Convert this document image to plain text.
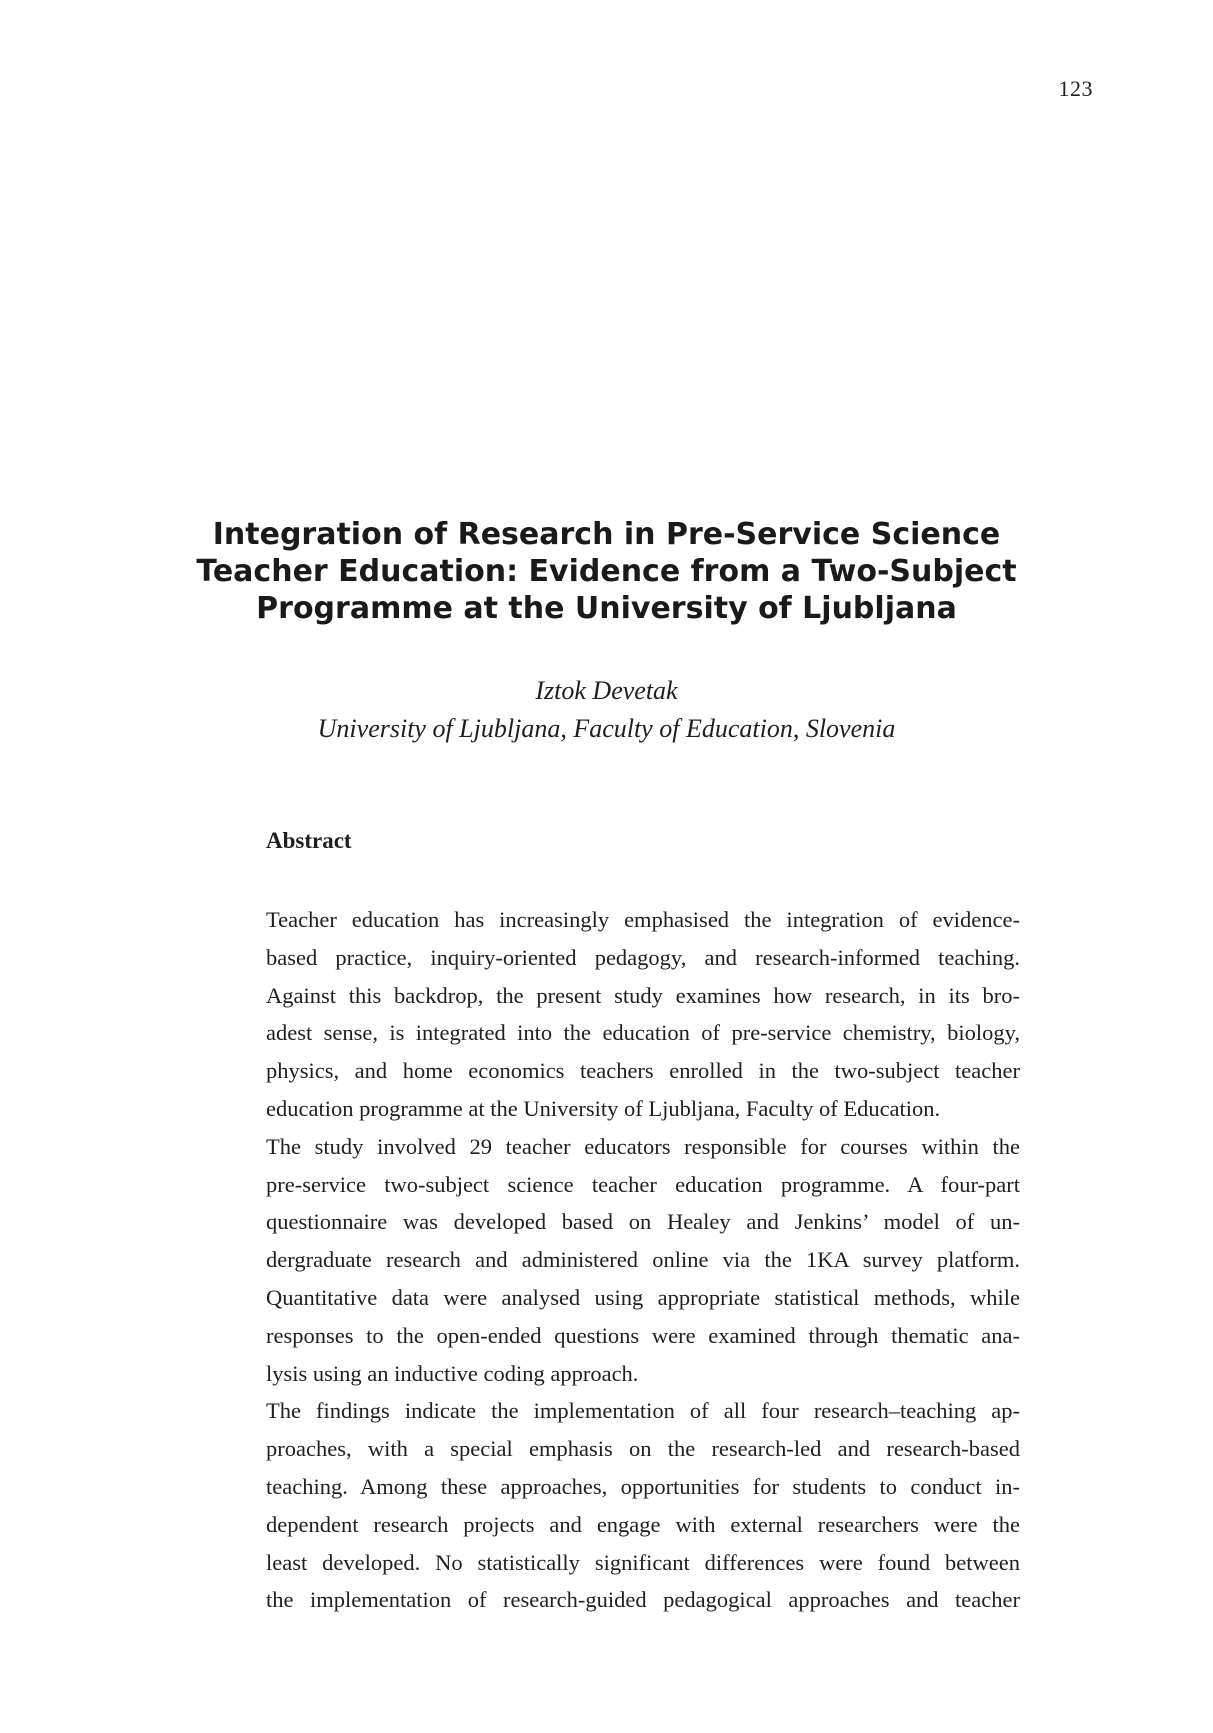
123
Integration of Research in Pre-Service Science
Teacher Education: Evidence from a Two-Subject
Programme at the University of Ljubljana
Iztok Devetak
University of Ljubljana, Faculty of Education, Slovenia
Abstract
Teacher education has increasingly emphasised the integration of evidence-
based practice, inquiry-oriented pedagogy, and research-informed teaching.
Against this backdrop, the present study examines how research, in its bro-
adest sense, is integrated into the education of pre-service chemistry, biology,
physics, and home economics teachers enrolled in the two-subject teacher
education programme at the University of Ljubljana, Faculty of Education.
The study involved 29 teacher educators responsible for courses within the
pre-service two-subject science teacher education programme. A four-part
questionnaire was developed based on Healey and Jenkins’ model of un-
dergraduate research and administered online via the 1KA survey platform.
Quantitative data were analysed using appropriate statistical methods, while
responses to the open-ended questions were examined through thematic ana-
lysis using an inductive coding approach.
The findings indicate the implementation of all four research–teaching ap-
proaches, with a special emphasis on the research-led and research-based
teaching. Among these approaches, opportunities for students to conduct in-
dependent research projects and engage with external researchers were the
least developed. No statistically significant differences were found between
the implementation of research-guided pedagogical approaches and teacher
